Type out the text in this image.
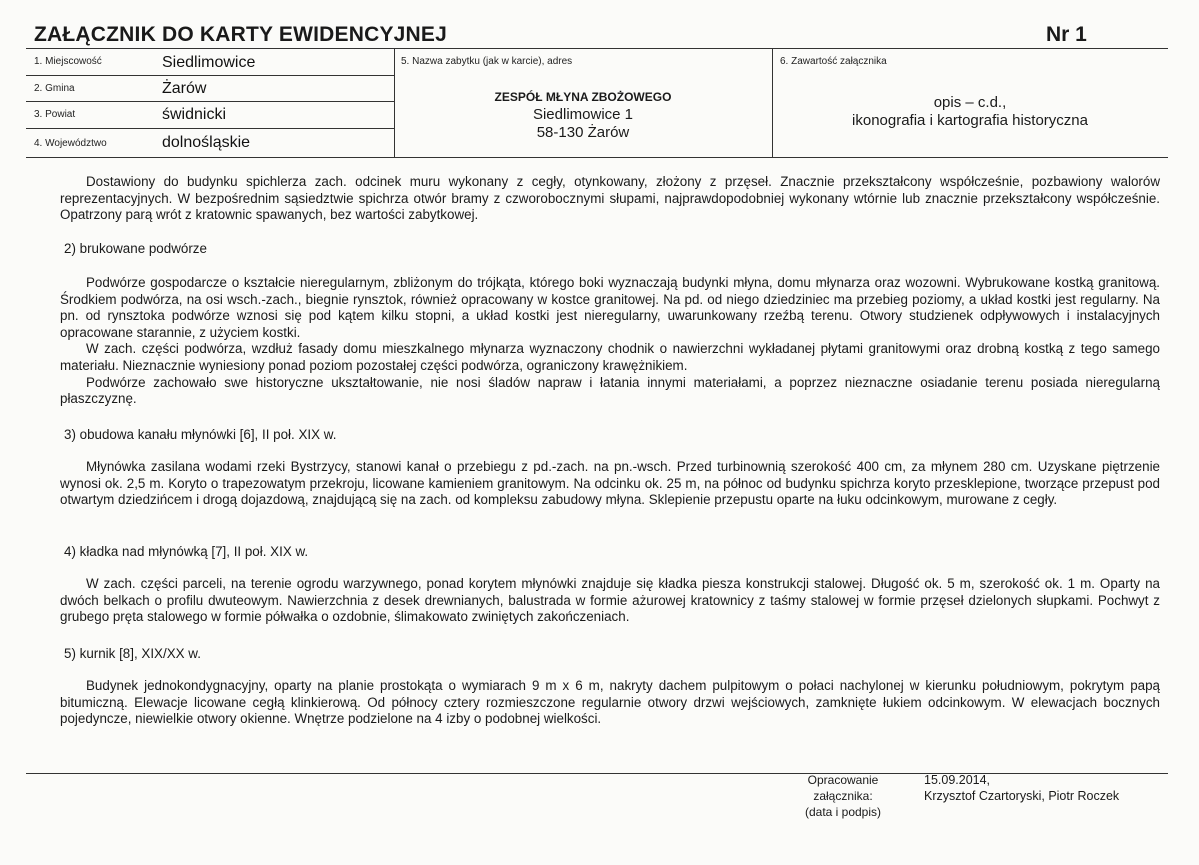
ZAŁĄCZNIK DO KARTY EWIDENCYJNEJ	Nr 1
1. Miejscowość	Siedlimowice
2. Gmina	Żarów
3. Powiat	świdnicki
4. Województwo	dolnośląskie
5. Nazwa zabytku (jak w karcie), adres
ZESPÓŁ MŁYNA ZBOŻOWEGO
Siedlimowice 1
58-130 Żarów
6. Zawartość załącznika
opis – c.d.,
ikonografia i kartografia historyczna

Dostawiony do budynku spichlerza zach. odcinek muru wykonany z cegły, otynkowany, złożony z przęseł. Znacznie przekształcony współcześnie, pozbawiony walorów reprezentacyjnych. W bezpośrednim sąsiedztwie spichrza otwór bramy z czworobocznymi słupami, najprawdopodobniej wykonany wtórnie lub znacznie przekształcony współcześnie. Opatrzony parą wrót z kratownic spawanych, bez wartości zabytkowej.

2) brukowane podwórze

Podwórze gospodarcze o kształcie nieregularnym, zbliżonym do trójkąta, którego boki wyznaczają budynki młyna, domu młynarza oraz wozowni. Wybrukowane kostką granitową. Środkiem podwórza, na osi wsch.-zach., biegnie rynsztok, również opracowany w kostce granitowej. Na pd. od niego dziedziniec ma przebieg poziomy, a układ kostki jest regularny. Na pn. od rynsztoka podwórze wznosi się pod kątem kilku stopni, a układ kostki jest nieregularny, uwarunkowany rzeźbą terenu. Otwory studzienek odpływowych i instalacyjnych opracowane starannie, z użyciem kostki.

W zach. części podwórza, wzdłuż fasady domu mieszkalnego młynarza wyznaczony chodnik o nawierzchni wykładanej płytami granitowymi oraz drobną kostką z tego samego materiału. Nieznacznie wyniesiony ponad poziom pozostałej części podwórza, ograniczony krawężnikiem.

Podwórze zachowało swe historyczne ukształtowanie, nie nosi śladów napraw i łatania innymi materiałami, a poprzez nieznaczne osiadanie terenu posiada nieregularną płaszczyznę.

3) obudowa kanału młynówki [6], II poł. XIX w.

Młynówka zasilana wodami rzeki Bystrzycy, stanowi kanał o przebiegu z pd.-zach. na pn.-wsch. Przed turbinownią szerokość 400 cm, za młynem 280 cm. Uzyskane piętrzenie wynosi ok. 2,5 m. Koryto o trapezowatym przekroju, licowane kamieniem granitowym. Na odcinku ok. 25 m, na północ od budynku spichrza koryto przesklepione, tworzące przepust pod otwartym dziedzińcem i drogą dojazdową, znajdującą się na zach. od kompleksu zabudowy młyna. Sklepienie przepustu oparte na łuku odcinkowym, murowane z cegły.

4) kładka nad młynówką [7], II poł. XIX w.

W zach. części parceli, na terenie ogrodu warzywnego, ponad korytem młynówki znajduje się kładka piesza konstrukcji stalowej. Długość ok. 5 m, szerokość ok. 1 m. Oparty na dwóch belkach o profilu dwuteowym. Nawierzchnia z desek drewnianych, balustrada w formie ażurowej kratownicy z taśmy stalowej w formie przęseł dzielonych słupkami. Pochwyt z grubego pręta stalowego w formie półwałka o ozdobnie, ślimakowato zwiniętych zakończeniach.

5) kurnik [8], XIX/XX w.

Budynek jednokondygnacyjny, oparty na planie prostokąta o wymiarach 9 m x 6 m, nakryty dachem pulpitowym o połaci nachylonej w kierunku południowym, pokrytym papą bitumiczną. Elewacje licowane cegłą klinkierową. Od północy cztery rozmieszczone regularnie otwory drzwi wejściowych, zamknięte łukiem odcinkowym. W elewacjach bocznych pojedyncze, niewielkie otwory okienne. Wnętrze podzielone na 4 izby o podobnej wielkości.

Opracowanie załącznika:
(data i podpis)
15.09.2014,
Krzysztof Czartoryski, Piotr Roczek
